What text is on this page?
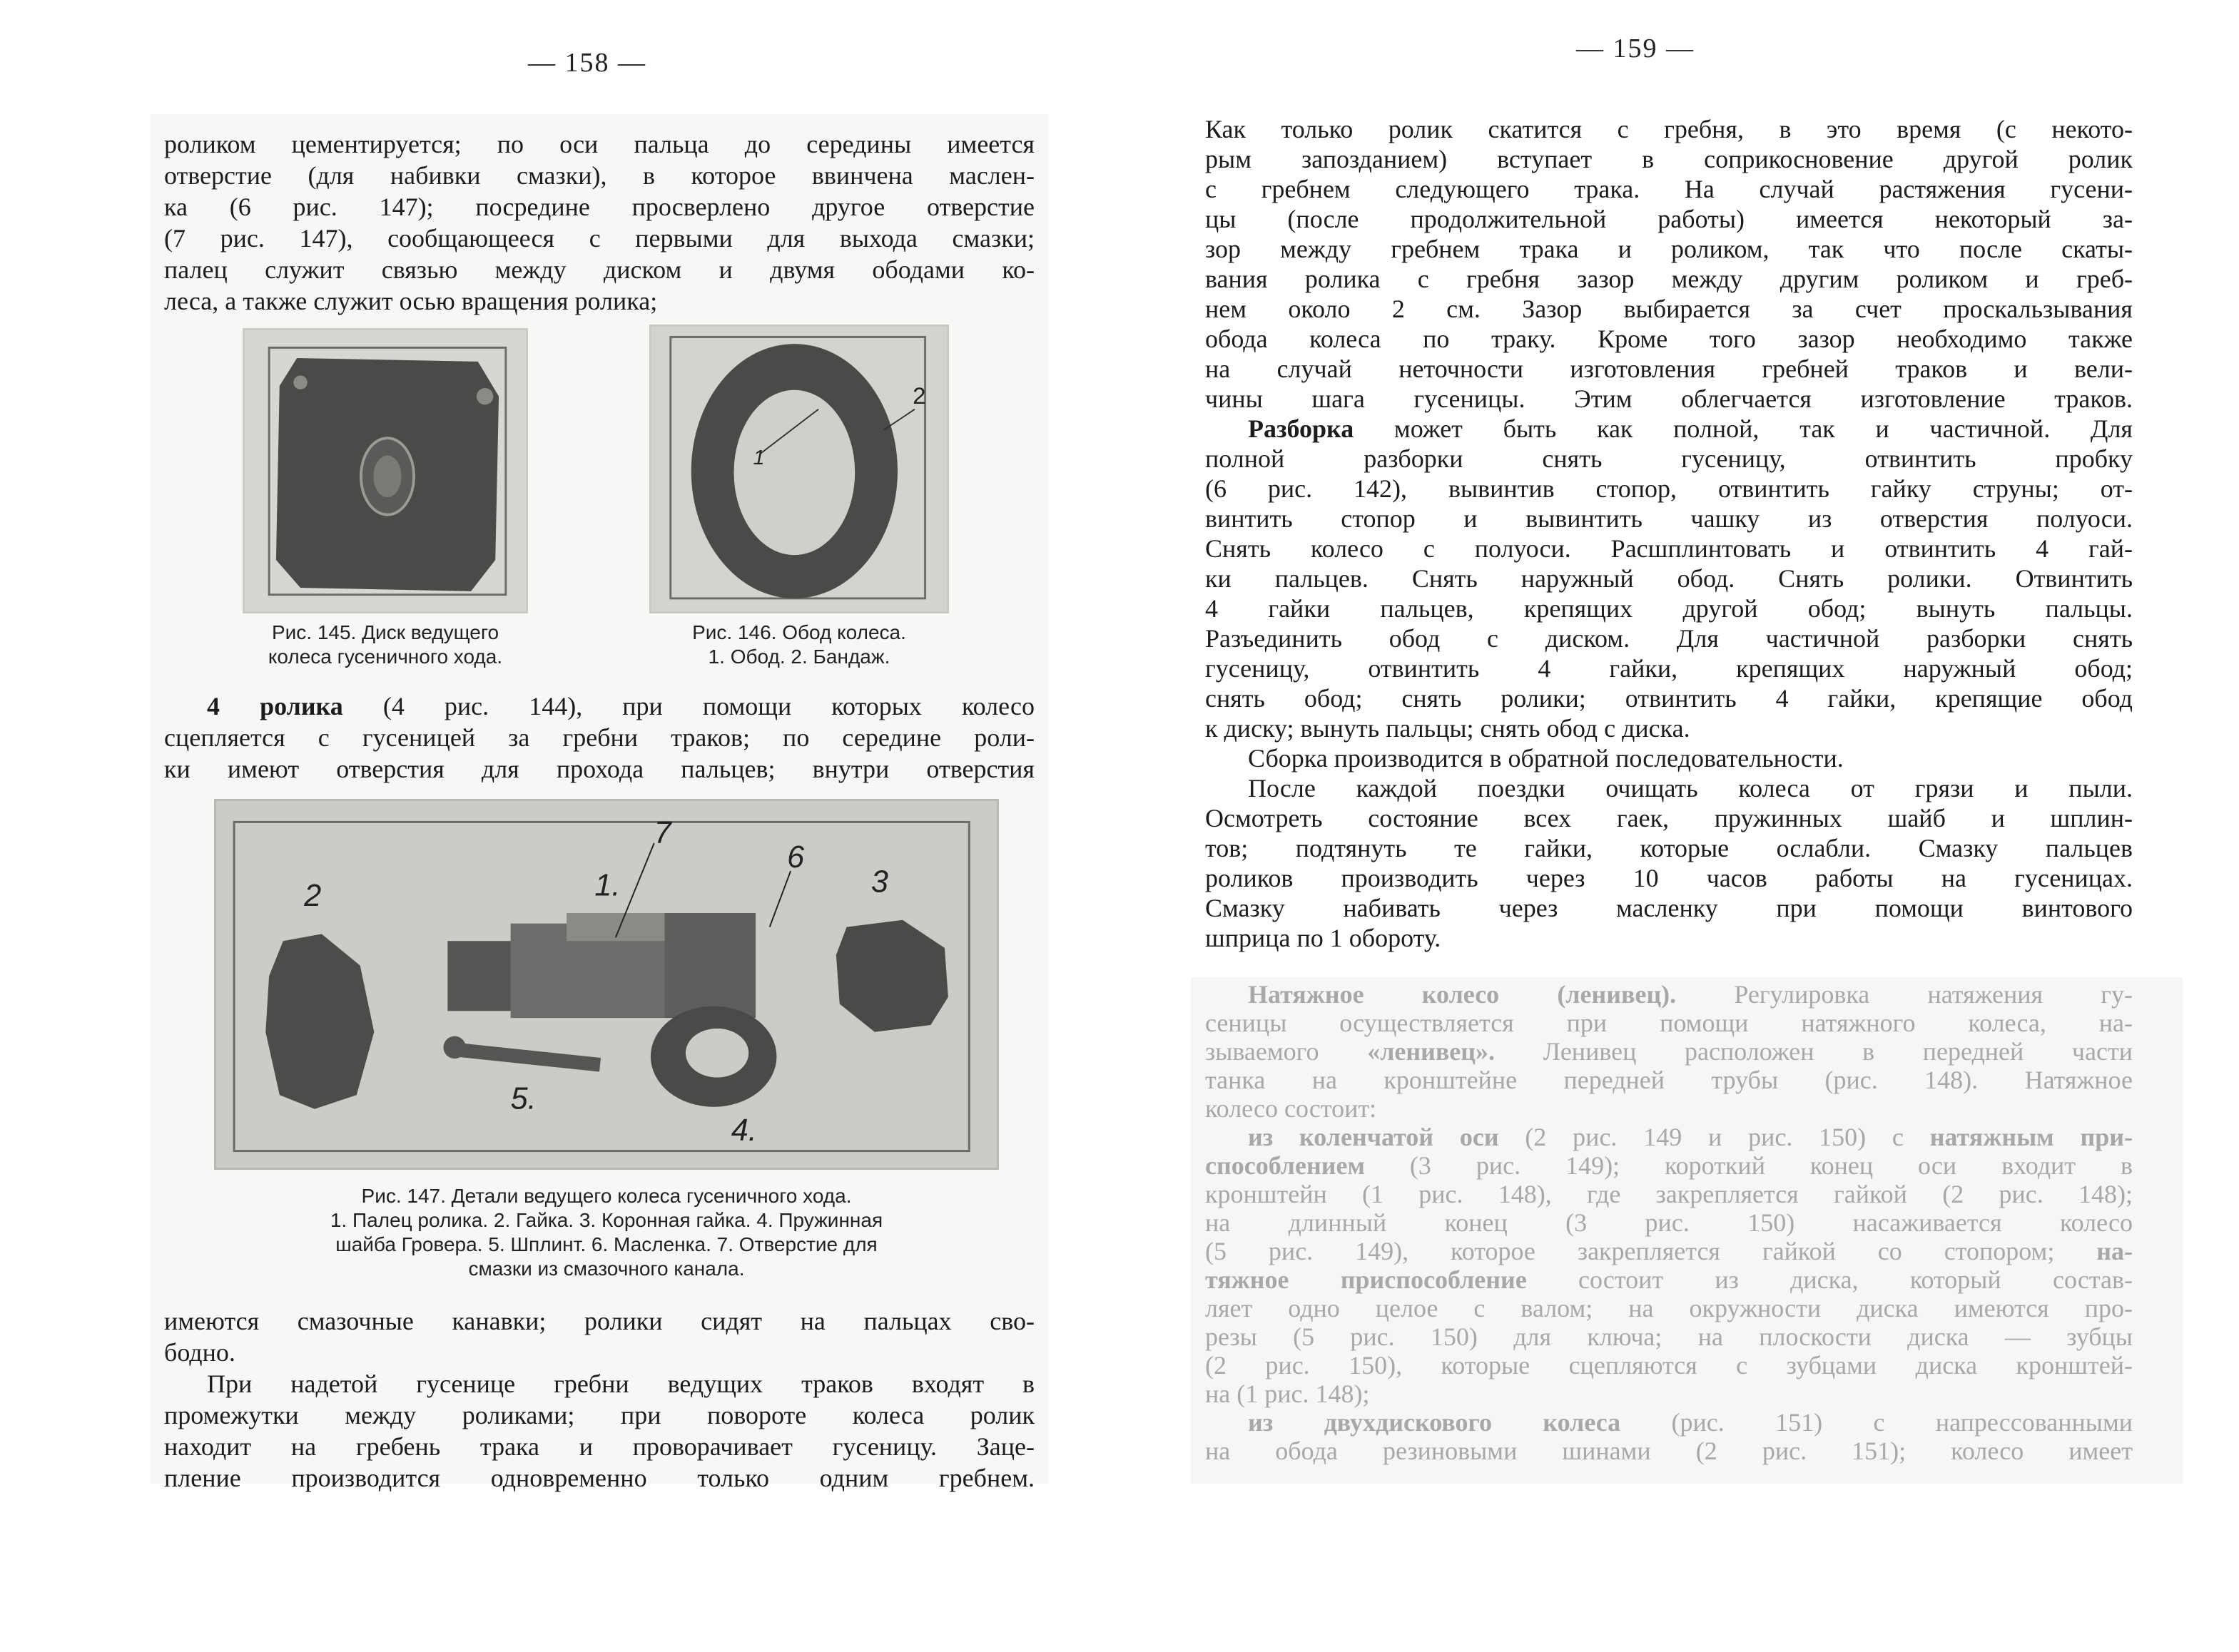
— 158 —
роликом цементируется; по оси пальца до середины имеется
отверстие (для набивки смазки), в которое ввинчена маслен-
ка (6 рис. 147); посредине просверлено другое отверстие
(7 рис. 147), сообщающееся с первыми для выхода смазки;
палец служит связью между диском и двумя ободами ко-
леса, а также служит осью вращения ролика;
Рис. 145. Диск ведущего
колеса гусеничного хода.
1
2
Рис. 146. Обод колеса.
1. Обод. 2. Бандаж.
4 ролика (4 рис. 144), при помощи которых колесо
сцепляется с гусеницей за гребни траков; по середине роли-
ки имеют отверстия для прохода пальцев; внутри отверстия
2	1.
7
6
3
5.
4.
Рис. 147. Детали ведущего колеса гусеничного хода.
1. Палец ролика. 2. Гайка. 3. Коронная гайка. 4. Пружинная
шайба Гровера. 5. Шплинт. 6. Масленка. 7. Отверстие для
смазки из смазочного канала.
имеются смазочные канавки; ролики сидят на пальцах сво-
бодно.
При надетой гусенице гребни ведущих траков входят в
промежутки между роликами; при повороте колеса ролик
находит на гребень трака и проворачивает гусеницу. Заце-
пление производится одновременно только одним гребнем.
— 159 —
Как только ролик скатится с гребня, в это время (с некото-
рым запозданием) вступает в соприкосновение другой ролик
с гребнем следующего трака. На случай растяжения гусени-
цы (после продолжительной работы) имеется некоторый за-
зор между гребнем трака и роликом, так что после скаты-
вания ролика с гребня зазор между другим роликом и греб-
нем около 2 см. Зазор выбирается за счет проскальзывания
обода колеса по траку. Кроме того зазор необходимо также
на случай неточности изготовления гребней траков и вели-
чины шага гусеницы. Этим облегчается изготовление траков.
Разборка может быть как полной, так и частичной. Для
полной разборки снять гусеницу, отвинтить пробку
(6 рис. 142), вывинтив стопор, отвинтить гайку струны; от-
винтить стопор и вывинтить чашку из отверстия полуоси.
Снять колесо с полуоси. Расшплинтовать и отвинтить 4 гай-
ки пальцев. Снять наружный обод. Снять ролики. Отвинтить
4 гайки пальцев, крепящих другой обод; вынуть пальцы.
Разъединить обод с диском. Для частичной разборки снять
гусеницу, отвинтить 4 гайки, крепящих наружный обод;
снять обод; снять ролики; отвинтить 4 гайки, крепящие обод
к диску; вынуть пальцы; снять обод с диска.
Сборка производится в обратной последовательности.
После каждой поездки очищать колеса от грязи и пыли.
Осмотреть состояние всех гаек, пружинных шайб и шплин-
тов; подтянуть те гайки, которые ослабли. Смазку пальцев
роликов производить через 10 часов работы на гусеницах.
Смазку набивать через масленку при помощи винтового
шприца по 1 обороту.
Натяжное колесо (ленивец). Регулировка натяжения гу-
сеницы осуществляется при помощи натяжного колеса, на-
зываемого «ленивец». Ленивец расположен в передней части
танка на кронштейне передней трубы (рис. 148). Натяжное
колесо состоит:
из коленчатой оси (2 рис. 149 и рис. 150) с натяжным при-
способлением (3 рис. 149); короткий конец оси входит в
кронштейн (1 рис. 148), где закрепляется гайкой (2 рис. 148);
на длинный конец (3 рис. 150) насаживается колесо
(5 рис. 149), которое закрепляется гайкой со стопором; на-
тяжное приспособление состоит из диска, который состав-
ляет одно целое с валом; на окружности диска имеются про-
резы (5 рис. 150) для ключа; на плоскости диска — зубцы
(2 рис. 150), которые сцепляются с зубцами диска кронштей-
на (1 рис. 148);
из двухдискового колеса (рис. 151) с напрессованными
на обода резиновыми шинами (2 рис. 151); колесо имеет
